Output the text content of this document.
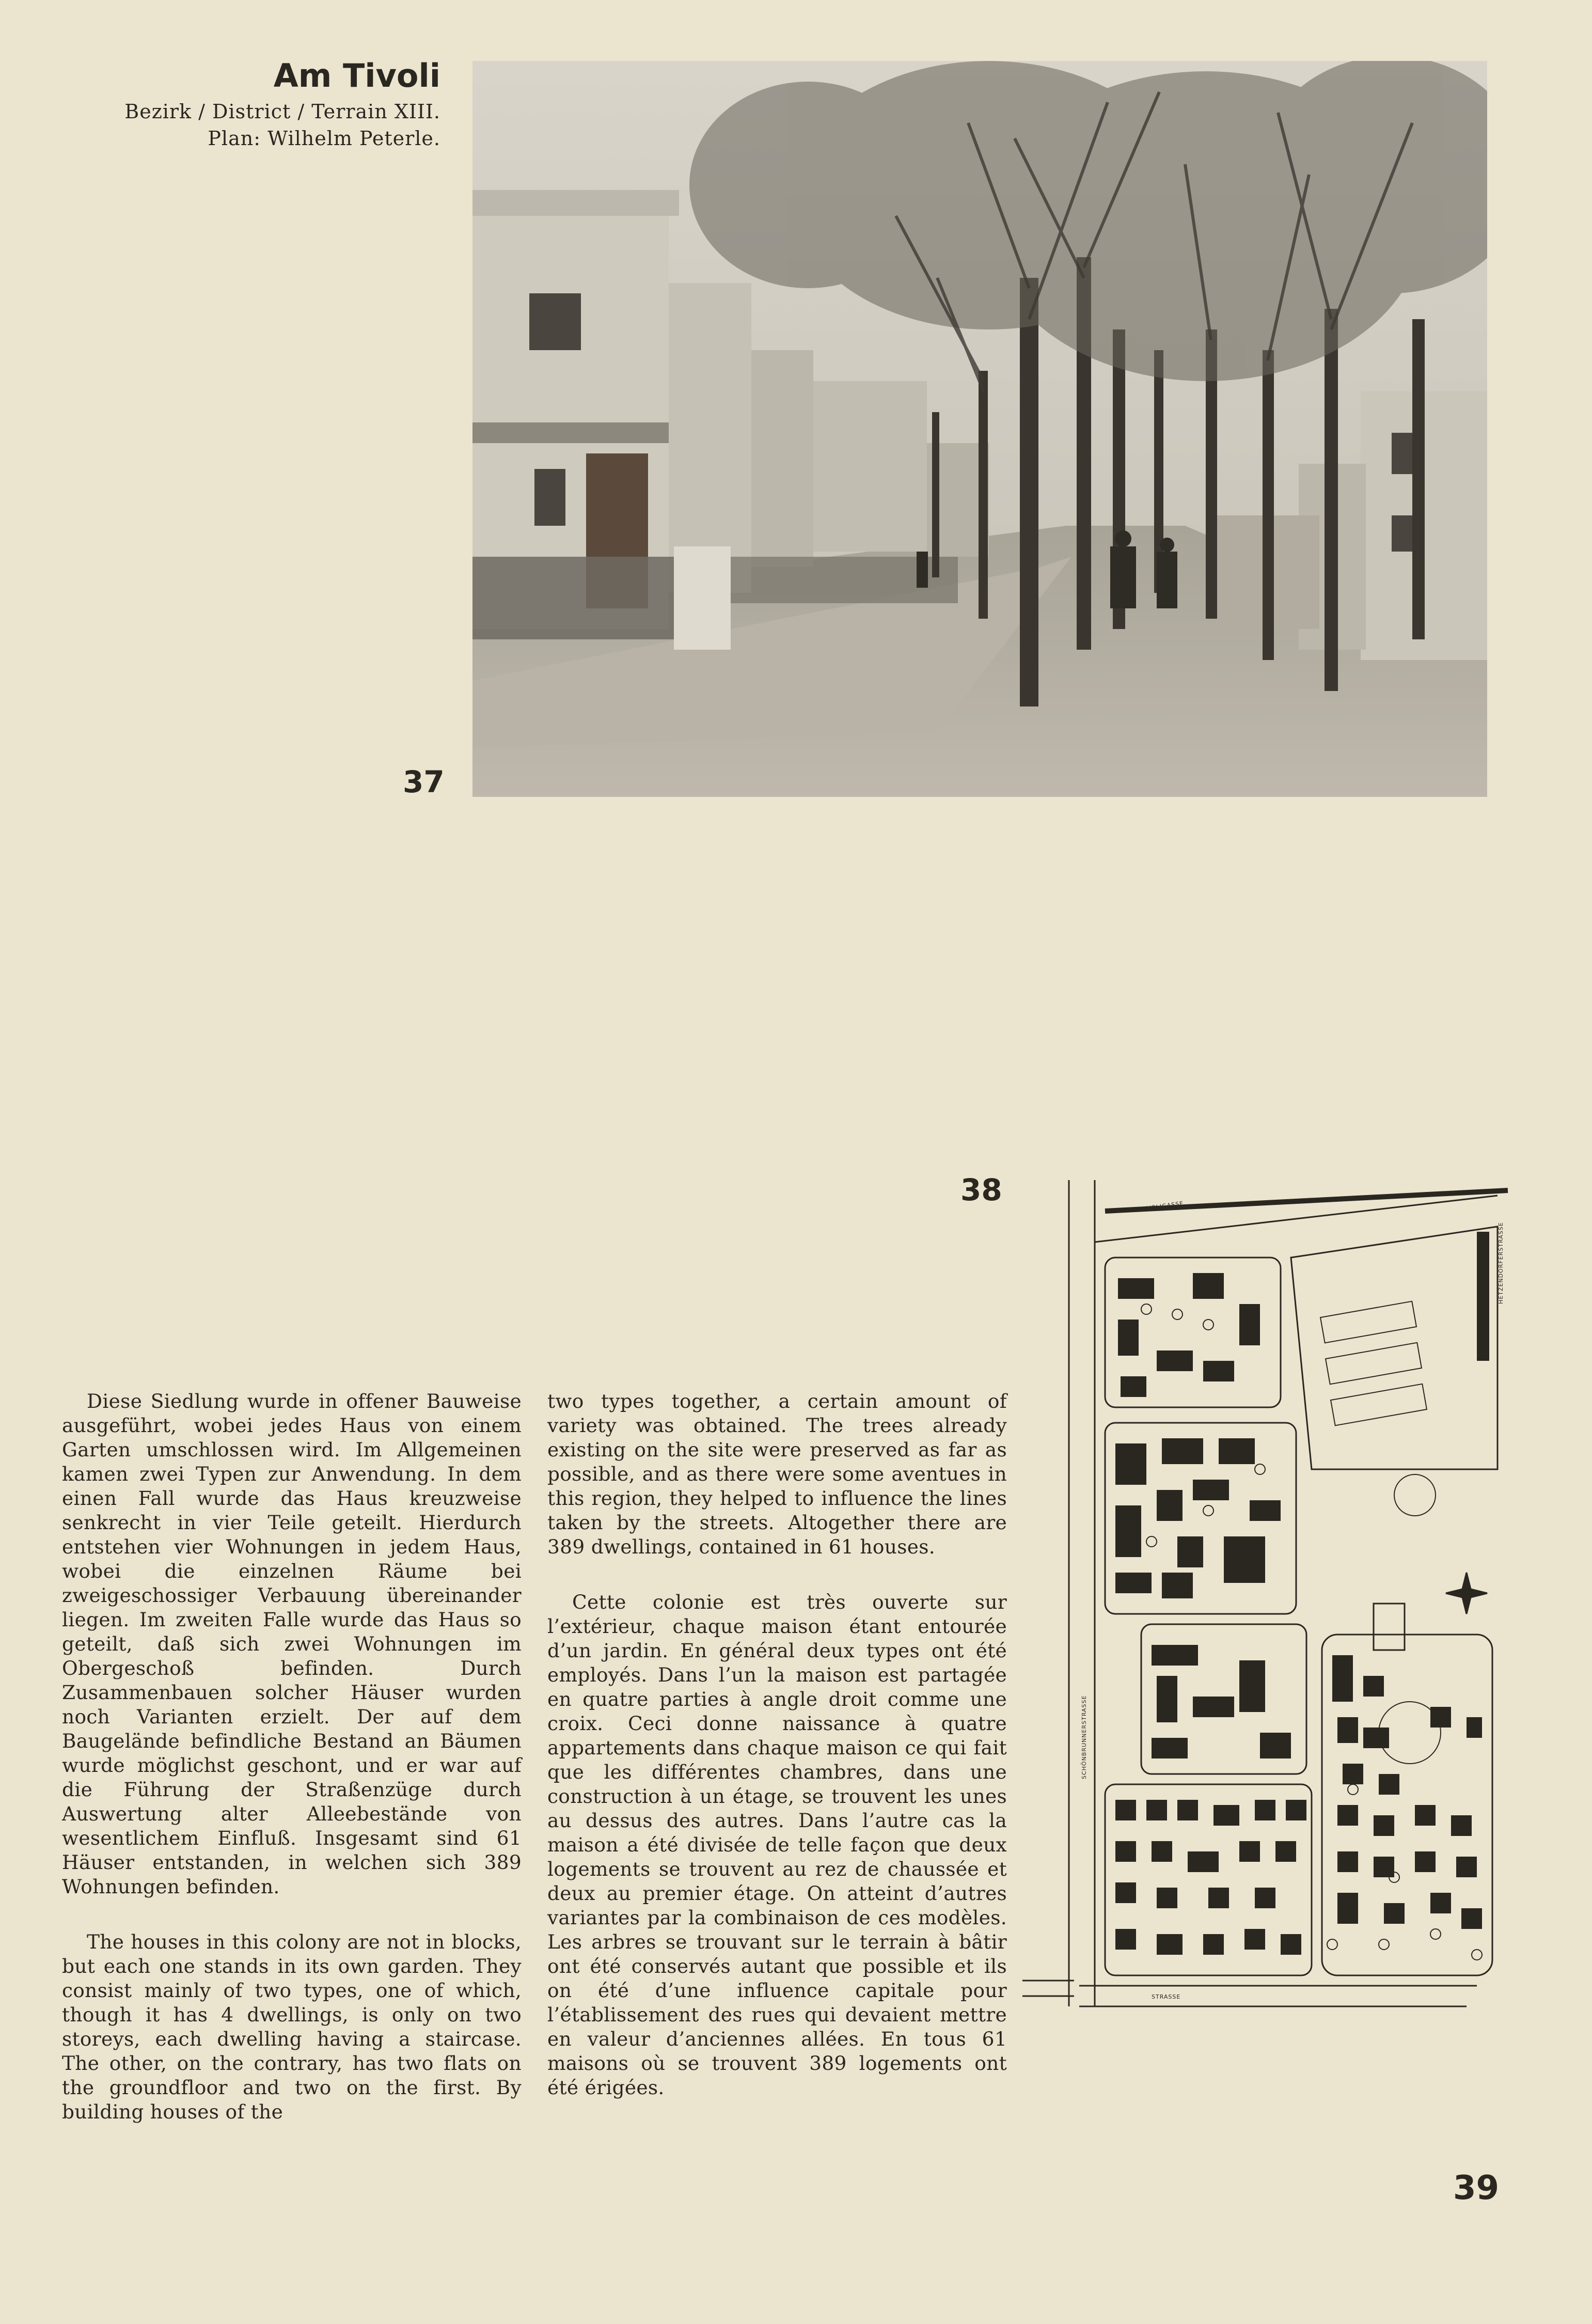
Am Tivoli
Bezirk / District / Terrain XIII.
Plan: Wilhelm Peterle.
37
38	TIVOLIGASSE
HETZENDORFERSTRASSE
SCHÖNBRUNNERSTRASSE
STRASSE

Diese Siedlung wurde in offener Bauweise ausgeführt, wobei jedes Haus von einem Garten umschlossen wird. Im Allgemeinen kamen zwei Typen zur Anwendung. In dem einen Fall wurde das Haus kreuzweise senkrecht in vier Teile geteilt. Hierdurch entstehen vier Wohnungen in jedem Haus, wobei die einzelnen Räume bei zweigeschossiger Verbauung übereinander liegen. Im zweiten Falle wurde das Haus so geteilt, daß sich zwei Wohnungen im Obergeschoß befinden. Durch Zusammenbauen solcher Häuser wurden noch Varianten erzielt. Der auf dem Baugelände befindliche Bestand an Bäumen wurde möglichst geschont, und er war auf die Führung der Straßenzüge durch Auswertung alter Alleebestände von wesentlichem Einfluß. Insgesamt sind 61 Häuser entstanden, in welchen sich 389 Wohnungen befinden.

The houses in this colony are not in blocks, but each one stands in its own garden. They consist mainly of two types, one of which, though it has 4 dwellings, is only on two storeys, each dwelling having a staircase. The other, on the contrary, has two flats on the groundfloor and two on the first. By building houses of the

two types together, a certain amount of variety was obtained. The trees already existing on the site were preserved as far as possible, and as there were some aventues in this region, they helped to influence the lines taken by the streets. Altogether there are 389 dwellings, contained in 61 houses.

Cette colonie est très ouverte sur l’extérieur, chaque maison étant entourée d’un jardin. En général deux types ont été employés. Dans l’un la maison est partagée en quatre parties à angle droit comme une croix. Ceci donne naissance à quatre appartements dans chaque maison ce qui fait que les différentes chambres, dans une construction à un étage, se trouvent les unes au dessus des autres. Dans l’autre cas la maison a été divisée de telle façon que deux logements se trouvent au rez de chaussée et deux au premier étage. On atteint d’autres variantes par la combinaison de ces modèles. Les arbres se trouvant sur le terrain à bâtir ont été conservés autant que possible et ils on été d’une influence capitale pour l’établissement des rues qui devaient mettre en valeur d’anciennes allées. En tous 61 maisons où se trouvent 389 logements ont été érigées.

39
